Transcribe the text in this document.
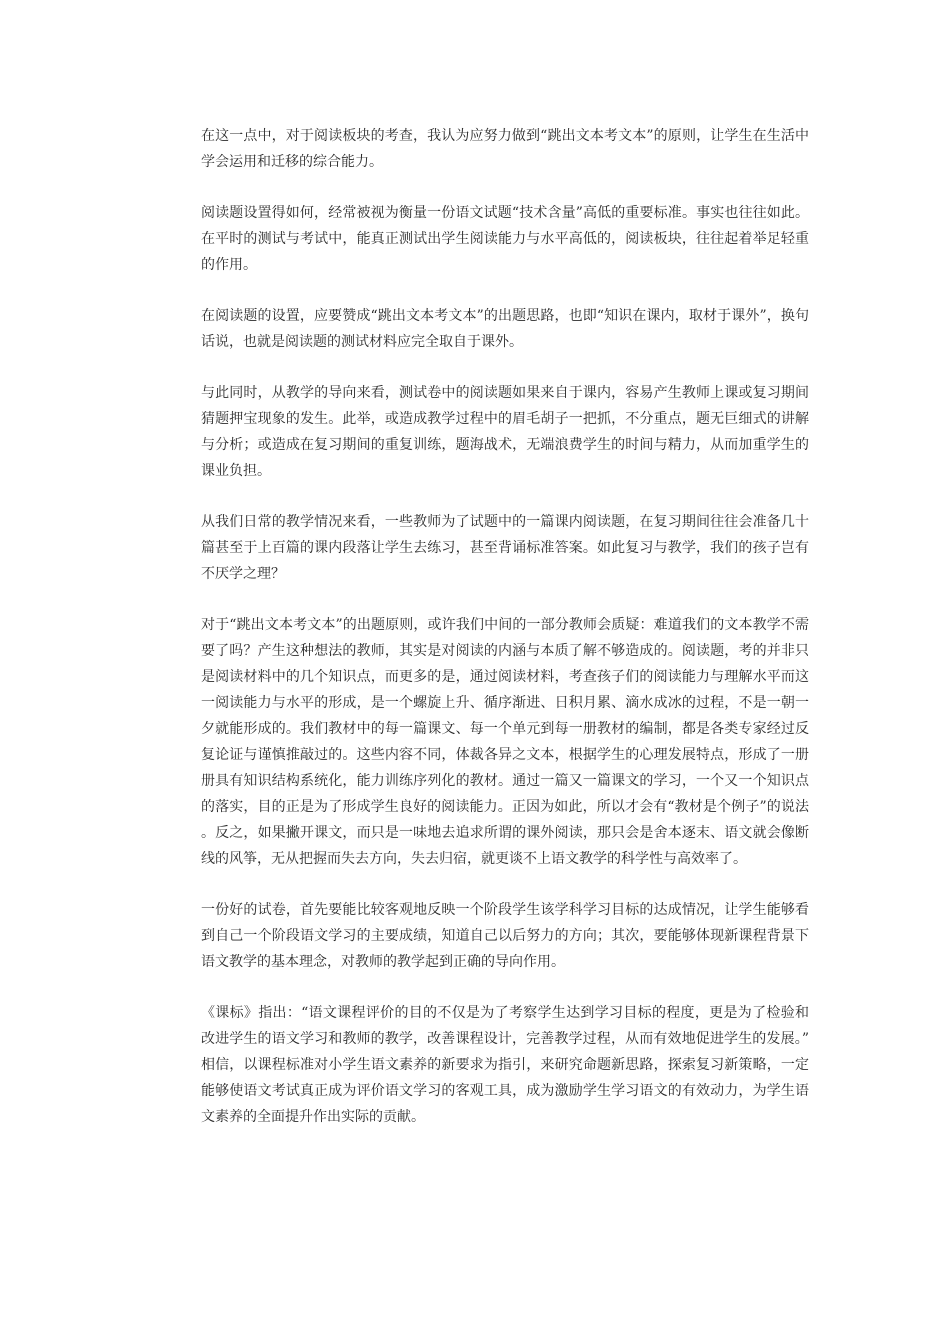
在这一点中，对于阅读板块的考查，我认为应努力做到“跳出文本考文本”的原则，让学生在生活中学会运用和迁移的综合能力。

阅读题设置得如何，经常被视为衡量一份语文试题“技术含量”高低的重要标准。事实也往往如此。在平时的测试与考试中，能真正测试出学生阅读能力与水平高低的，阅读板块，往往起着举足轻重的作用。

在阅读题的设置，应要赞成“跳出文本考文本”的出题思路，也即“知识在课内，取材于课外”，换句话说，也就是阅读题的测试材料应完全取自于课外。

与此同时，从教学的导向来看，测试卷中的阅读题如果来自于课内，容易产生教师上课或复习期间猜题押宝现象的发生。此举，或造成教学过程中的眉毛胡子一把抓，不分重点，题无巨细式的讲解与分析；或造成在复习期间的重复训练，题海战术，无端浪费学生的时间与精力，从而加重学生的课业负担。

从我们日常的教学情况来看，一些教师为了试题中的一篇课内阅读题，在复习期间往往会准备几十篇甚至于上百篇的课内段落让学生去练习，甚至背诵标准答案。如此复习与教学，我们的孩子岂有不厌学之理？

对于“跳出文本考文本”的出题原则，或许我们中间的一部分教师会质疑：难道我们的文本教学不需要了吗？产生这种想法的教师，其实是对阅读的内涵与本质了解不够造成的。阅读题，考的并非只是阅读材料中的几个知识点，而更多的是，通过阅读材料，考查孩子们的阅读能力与理解水平而这一阅读能力与水平的形成，是一个螺旋上升、循序渐进、日积月累、滴水成冰的过程，不是一朝一夕就能形成的。我们教材中的每一篇课文、每一个单元到每一册教材的编制，都是各类专家经过反复论证与谨慎推敲过的。这些内容不同，体裁各异之文本，根据学生的心理发展特点，形成了一册册具有知识结构系统化，能力训练序列化的教材。通过一篇又一篇课文的学习，一个又一个知识点的落实，目的正是为了形成学生良好的阅读能力。正因为如此，所以才会有“教材是个例子”的说法。反之，如果撇开课文，而只是一味地去追求所谓的课外阅读，那只会是舍本逐末、语文就会像断线的风筝，无从把握而失去方向，失去归宿，就更谈不上语文教学的科学性与高效率了。

一份好的试卷，首先要能比较客观地反映一个阶段学生该学科学习目标的达成情况，让学生能够看到自己一个阶段语文学习的主要成绩，知道自己以后努力的方向；其次，要能够体现新课程背景下语文教学的基本理念，对教师的教学起到正确的导向作用。

《课标》指出：“语文课程评价的目的不仅是为了考察学生达到学习目标的程度，更是为了检验和改进学生的语文学习和教师的教学，改善课程设计，完善教学过程，从而有效地促进学生的发展。”相信，以课程标准对小学生语文素养的新要求为指引，来研究命题新思路，探索复习新策略，一定能够使语文考试真正成为评价语文学习的客观工具，成为激励学生学习语文的有效动力，为学生语文素养的全面提升作出实际的贡献。
